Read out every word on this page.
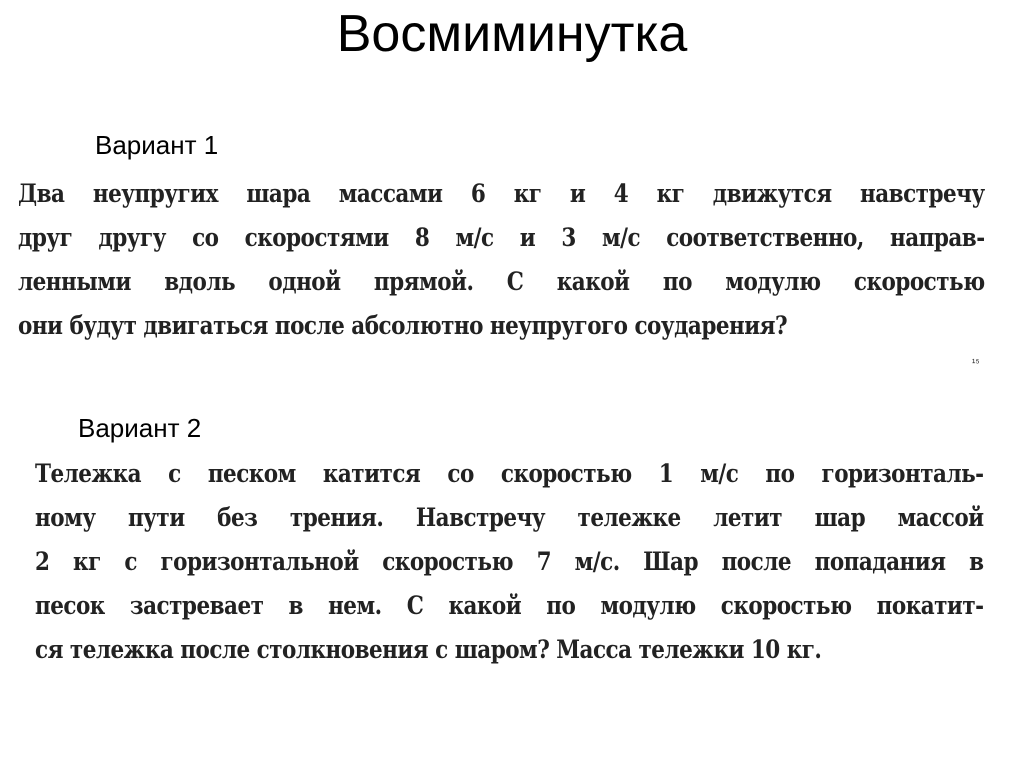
Восмиминутка
Вариант 1
Два неупругих шара массами 6 кг и 4 кг движутся навстречу
друг другу со скоростями 8 м/с и 3 м/с соответственно, направ-
ленными вдоль одной прямой. С какой по модулю скоростью
они будут двигаться после абсолютно неупругого соударения?
¹⁵
Вариант 2
Тележка с песком катится со скоростью 1 м/с по горизонталь-
ному пути без трения. Навстречу тележке летит шар массой
2 кг с горизонтальной скоростью 7 м/с. Шар после попадания в
песок застревает в нем. С какой по модулю скоростью покатит-
ся тележка после столкновения с шаром? Масса тележки 10 кг.
